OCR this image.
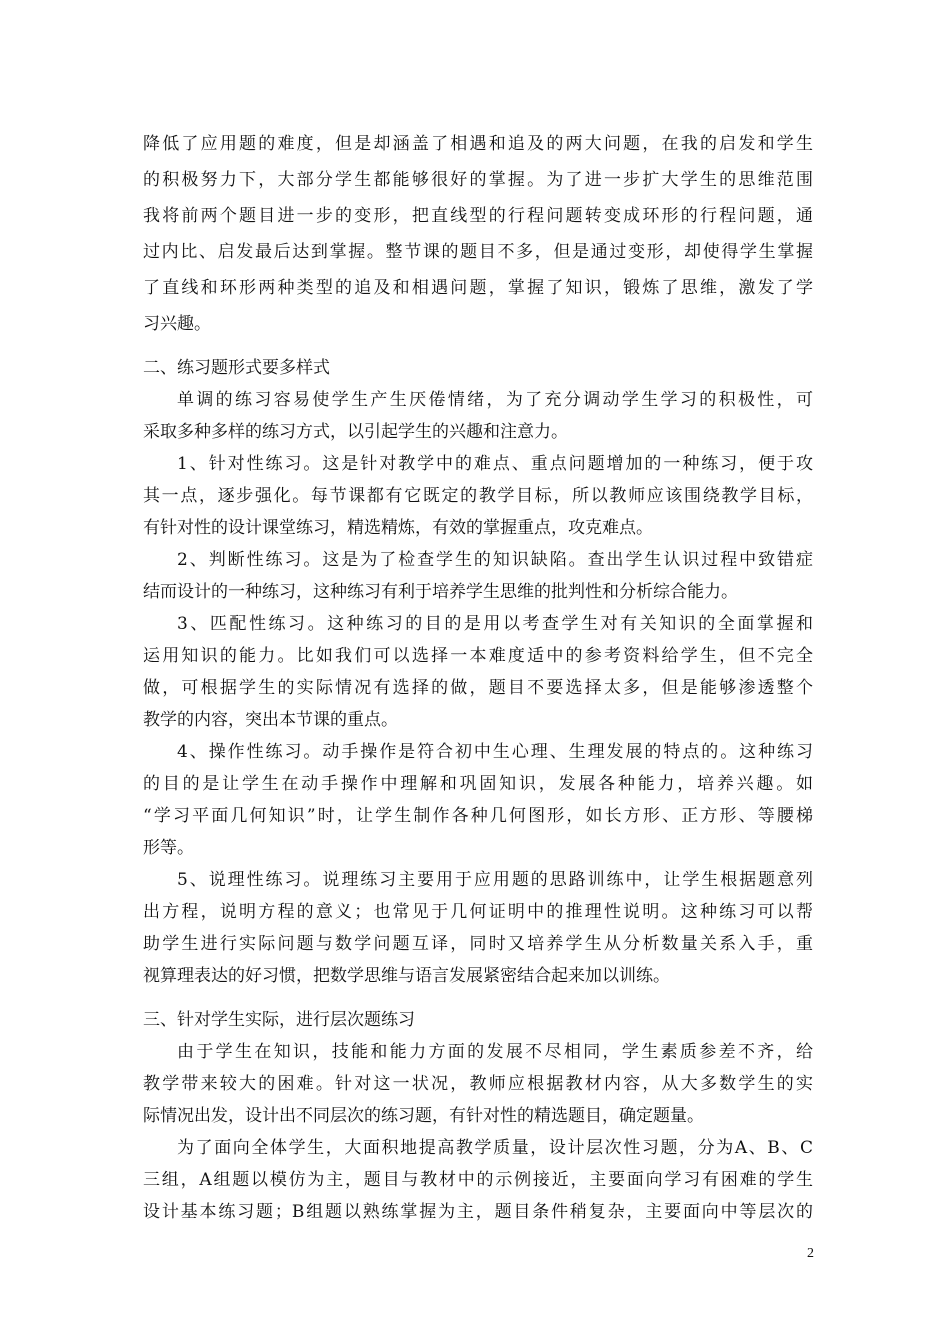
降低了应用题的难度，但是却涵盖了相遇和追及的两大问题，在我的启发和学生
的积极努力下，大部分学生都能够很好的掌握。为了进一步扩大学生的思维范围
我将前两个题目进一步的变形，把直线型的行程问题转变成环形的行程问题，通
过内比、启发最后达到掌握。整节课的题目不多，但是通过变形，却使得学生掌握
了直线和环形两种类型的追及和相遇问题，掌握了知识，锻炼了思维，激发了学
习兴趣。
二、练习题形式要多样式
单调的练习容易使学生产生厌倦情绪，为了充分调动学生学习的积极性，可
采取多种多样的练习方式，以引起学生的兴趣和注意力。
1、针对性练习。这是针对教学中的难点、重点问题增加的一种练习，便于攻
其一点，逐步强化。每节课都有它既定的教学目标，所以教师应该围绕教学目标，
有针对性的设计课堂练习，精选精炼，有效的掌握重点，攻克难点。
2、判断性练习。这是为了检查学生的知识缺陷。查出学生认识过程中致错症
结而设计的一种练习，这种练习有利于培养学生思维的批判性和分析综合能力。
3、匹配性练习。这种练习的目的是用以考查学生对有关知识的全面掌握和
运用知识的能力。比如我们可以选择一本难度适中的参考资料给学生，但不完全
做，可根据学生的实际情况有选择的做，题目不要选择太多，但是能够渗透整个
教学的内容，突出本节课的重点。
4、操作性练习。动手操作是符合初中生心理、生理发展的特点的。这种练习
的目的是让学生在动手操作中理解和巩固知识，发展各种能力，培养兴趣。如
“学习平面几何知识”时，让学生制作各种几何图形，如长方形、正方形、等腰梯
形等。
5、说理性练习。说理练习主要用于应用题的思路训练中，让学生根据题意列
出方程，说明方程的意义；也常见于几何证明中的推理性说明。这种练习可以帮
助学生进行实际问题与数学问题互译，同时又培养学生从分析数量关系入手，重
视算理表达的好习惯，把数学思维与语言发展紧密结合起来加以训练。
三、针对学生实际，进行层次题练习
由于学生在知识，技能和能力方面的发展不尽相同，学生素质参差不齐，给
教学带来较大的困难。针对这一状况，教师应根据教材内容，从大多数学生的实
际情况出发，设计出不同层次的练习题，有针对性的精选题目，确定题量。
为了面向全体学生，大面积地提高教学质量，设计层次性习题，分为A、B、C
三组，A组题以模仿为主，题目与教材中的示例接近，主要面向学习有困难的学生
设计基本练习题；B组题以熟练掌握为主，题目条件稍复杂，主要面向中等层次的
2
